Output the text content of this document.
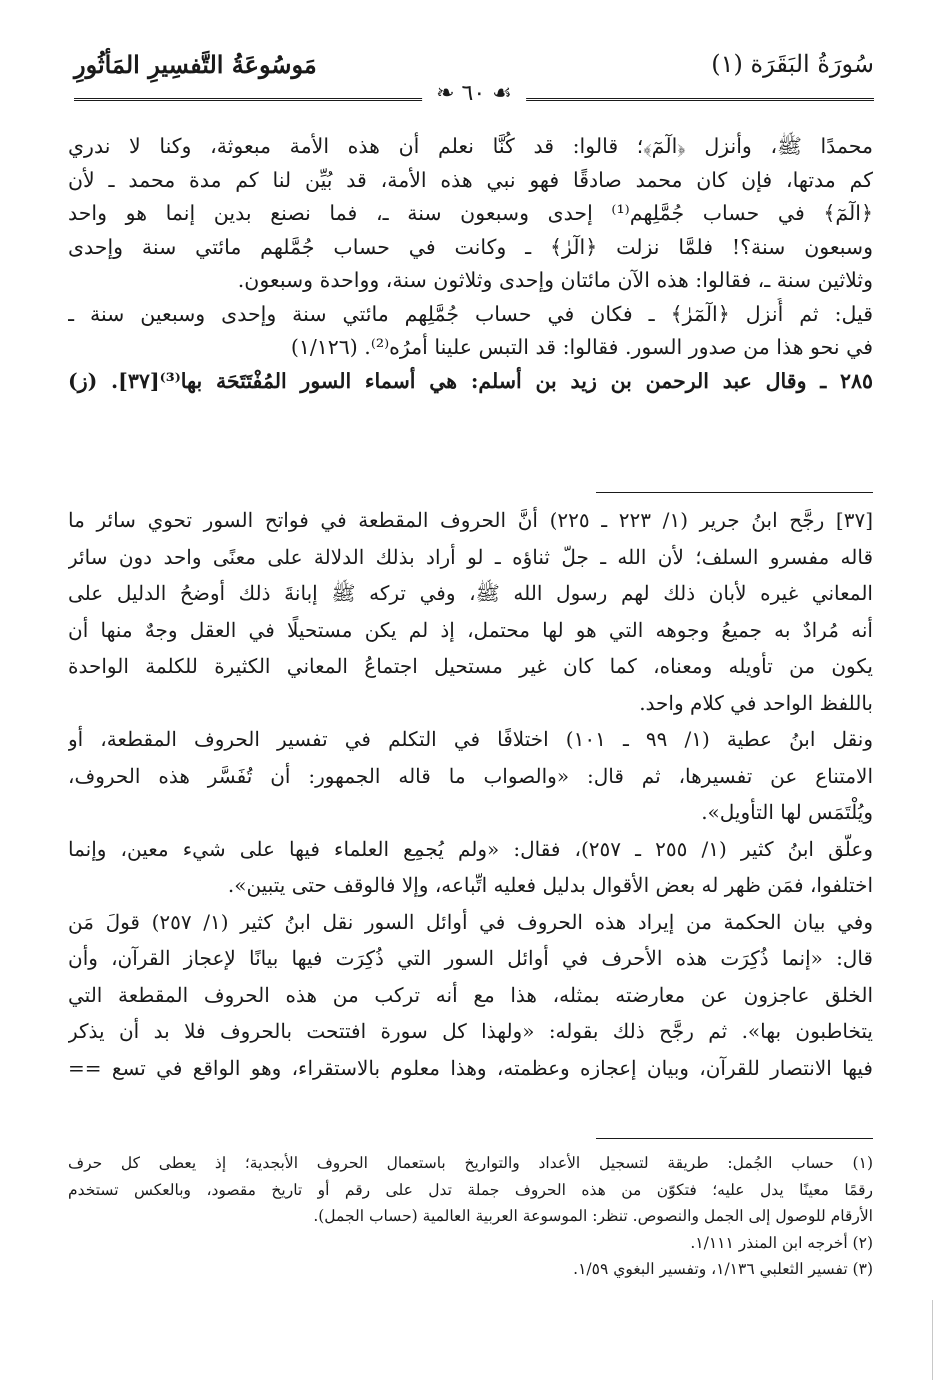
سُورَةُ البَقَرَة (١)
مَوسُوعَةُ التَّفسِيرِ المَأثُورِ
❧ ٦٠ ☙
محمدًا ﷺ، وأنزل ﴿الٓمٓ﴾؛ قالوا: قد كُنَّا نعلم أن هذه الأمة مبعوثة، وكنا لا ندري
كم مدتها، فإن كان محمد صادقًا فهو نبي هذه الأمة، قد بُيِّن لنا كم مدة محمد ـ لأن
﴿الٓمٓ﴾ في حساب جُمَّلِهم⁽¹⁾ إحدى وسبعون سنة ـ، فما نصنع بدين إنما هو واحد
وسبعون سنة؟! فلمَّا نزلت ﴿الٓرٰ﴾ ـ وكانت في حساب جُمَّلهم مائتي سنة وإحدى
وثلاثين سنة ـ، فقالوا: هذه الآن مائتان وإحدى وثلاثون سنة، وواحدة وسبعون.
قيل: ثم أُنزل ﴿الٓمٓرٰ﴾ ـ فكان في حساب جُمَّلِهم مائتي سنة وإحدى وسبعين سنة ـ
في نحو هذا من صدور السور. فقالوا: قد التبس علينا أمرُه⁽²⁾. (١/١٢٦)
٢٨٥ ـ وقال عبد الرحمن بن زيد بن أسلم: هي أسماء السور المُفْتَتَحَة بها⁽³⁾[٣٧]. (ز)
[٣٧] رجَّح ابنُ جرير (١/ ٢٢٣ ـ ٢٢٥) أنَّ الحروف المقطعة في فواتح السور تحوي سائر ما
قاله مفسرو السلف؛ لأن الله ـ جلّ ثناؤه ـ لو أراد بذلك الدلالة على معنًى واحد دون سائر
المعاني غيره لأبان ذلك لهم رسول الله ﷺ، وفي تركه ﷺ إبانةَ ذلك أوضحُ الدليل على
أنه مُرادٌ به جميعُ وجوهه التي هو لها محتمل، إذ لم يكن مستحيلًا في العقل وجهٌ منها أن
يكون من تأويله ومعناه، كما كان غير مستحيل اجتماعُ المعاني الكثيرة للكلمة الواحدة
باللفظ الواحد في كلام واحد.
ونقل ابنُ عطية (١/ ٩٩ ـ ١٠١) اختلافًا في التكلم في تفسير الحروف المقطعة، أو
الامتناع عن تفسيرها، ثم قال: «والصواب ما قاله الجمهور: أن تُفَسَّر هذه الحروف،
ويُلْتَمَس لها التأويل».
وعلّق ابنُ كثير (١/ ٢٥٥ ـ ٢٥٧)، فقال: «ولم يُجمِع العلماء فيها على شيء معين، وإنما
اختلفوا، فمَن ظهر له بعض الأقوال بدليل فعليه اتِّباعه، وإلا فالوقف حتى يتبين».
وفي بيان الحكمة من إيراد هذه الحروف في أوائل السور نقل ابنُ كثير (١/ ٢٥٧) قولَ مَن
قال: «إنما ذُكِرَت هذه الأحرف في أوائل السور التي ذُكِرَت فيها بيانًا لإعجاز القرآن، وأن
الخلق عاجزون عن معارضته بمثله، هذا مع أنه تركب من هذه الحروف المقطعة التي
يتخاطبون بها». ثم رجَّح ذلك بقوله: «ولهذا كل سورة افتتحت بالحروف فلا بد أن يذكر
فيها الانتصار للقرآن، وبيان إعجازه وعظمته، وهذا معلوم بالاستقراء، وهو الواقع في تسع ==
(١) حساب الجُمل: طريقة لتسجيل الأعداد والتواريخ باستعمال الحروف الأبجدية؛ إذ يعطى كل حرف
رقمًا معينًا يدل عليه؛ فتكوّن من هذه الحروف جملة تدل على رقم أو تاريخ مقصود، وبالعكس تستخدم
الأرقام للوصول إلى الجمل والنصوص. تنظر: الموسوعة العربية العالمية (حساب الجمل).
(٢) أخرجه ابن المنذر ١/١١١.
(٣) تفسير الثعلبي ١/١٣٦، وتفسير البغوي ١/٥٩.
